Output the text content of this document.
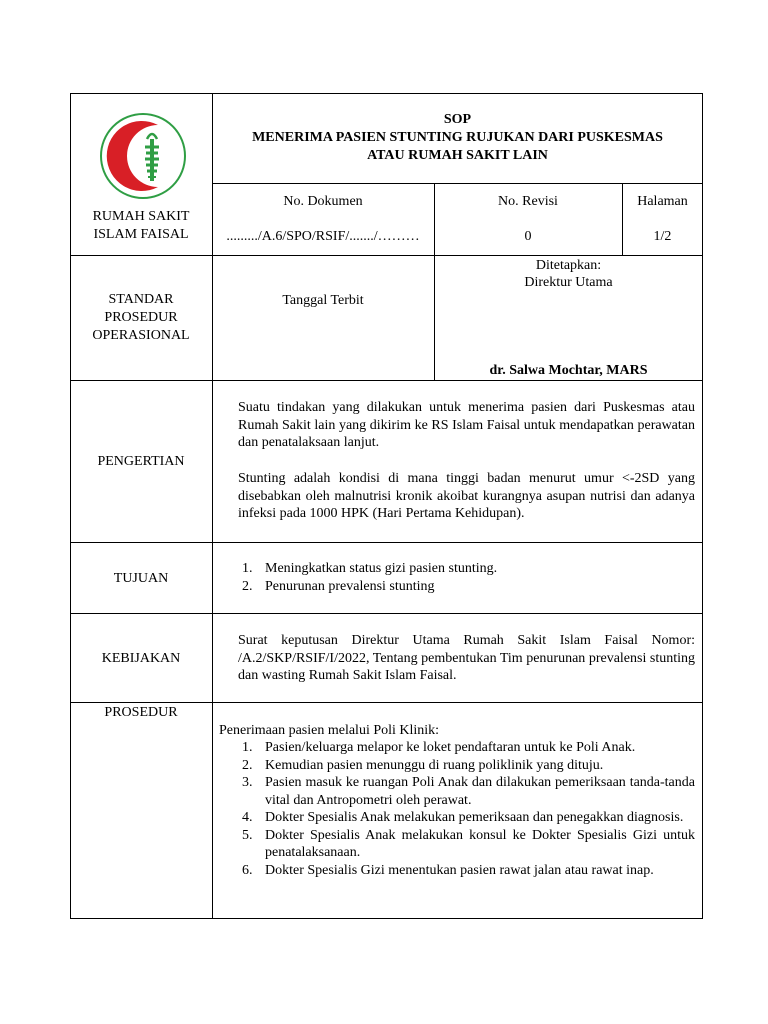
SOP
MENERIMA PASIEN STUNTING RUJUKAN DARI PUSKESMAS
ATAU RUMAH SAKIT LAIN
RUMAH SAKIT
ISLAM FAISAL
No. Dokumen
........./A.6/SPO/RSIF/......./………
No. Revisi
0
Halaman
1/2
STANDAR
PROSEDUR
OPERASIONAL
Tanggal Terbit
Ditetapkan:
Direktur Utama
dr. Salwa Mochtar, MARS
PENGERTIAN
Suatu tindakan yang dilakukan untuk menerima pasien dari Puskesmas atau Rumah Sakit lain yang dikirim ke RS Islam Faisal untuk mendapatkan perawatan dan penatalaksaan lanjut.
Stunting adalah kondisi di mana tinggi badan menurut umur <-2SD yang disebabkan oleh malnutrisi kronik akoibat kurangnya asupan nutrisi dan adanya infeksi pada 1000 HPK (Hari Pertama Kehidupan).
TUJUAN
1. Meningkatkan status gizi pasien stunting.
2. Penurunan prevalensi stunting
KEBIJAKAN
Surat keputusan Direktur Utama Rumah Sakit Islam Faisal Nomor: /A.2/SKP/RSIF/I/2022, Tentang pembentukan Tim penurunan prevalensi stunting dan wasting Rumah Sakit Islam Faisal.
PROSEDUR
Penerimaan pasien melalui Poli Klinik:
1. Pasien/keluarga melapor ke loket pendaftaran untuk ke Poli Anak.
2. Kemudian pasien menunggu di ruang poliklinik yang dituju.
3. Pasien masuk ke ruangan Poli Anak dan dilakukan pemeriksaan tanda-tanda vital dan Antropometri oleh perawat.
4. Dokter Spesialis Anak melakukan pemeriksaan dan penegakkan diagnosis.
5. Dokter Spesialis Anak melakukan konsul ke Dokter Spesialis Gizi untuk penatalaksanaan.
6. Dokter Spesialis Gizi menentukan pasien rawat jalan atau rawat inap.
